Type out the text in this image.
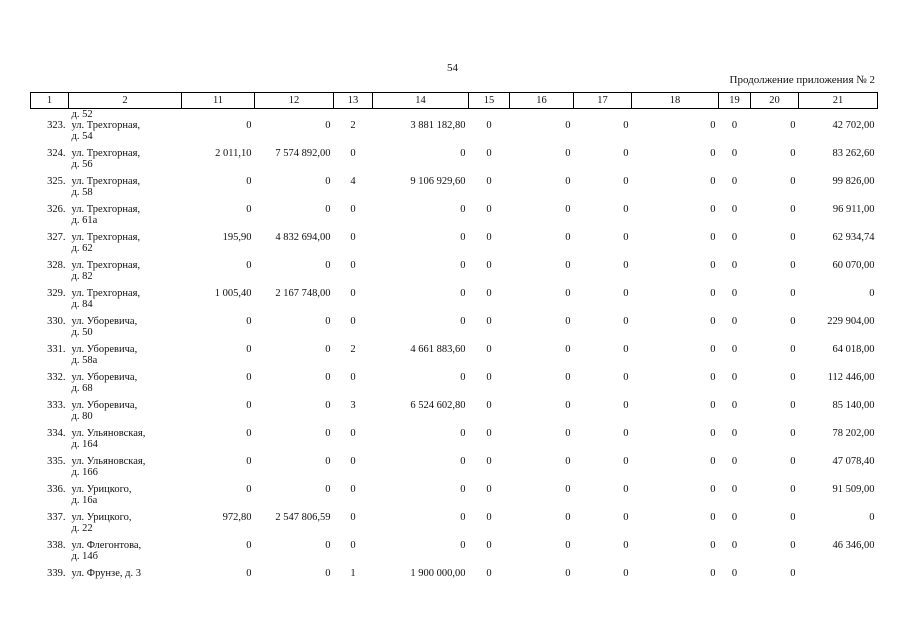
54
Продолжение приложения № 2
1	2	11	12	13	14	15	16	17	18	19	20	21
	д. 52											
323.	ул. Трехгорная,
д. 54	0	0	2	3 881 182,80	0	0	0	0	0	0	42 702,00
324.	ул. Трехгорная,
д. 56	2 011,10	7 574 892,00	0	0	0	0	0	0	0	0	83 262,60
325.	ул. Трехгорная,
д. 58	0	0	4	9 106 929,60	0	0	0	0	0	0	99 826,00
326.	ул. Трехгорная,
д. 61а	0	0	0	0	0	0	0	0	0	0	96 911,00
327.	ул. Трехгорная,
д. 62	195,90	4 832 694,00	0	0	0	0	0	0	0	0	62 934,74
328.	ул. Трехгорная,
д. 82	0	0	0	0	0	0	0	0	0	0	60 070,00
329.	ул. Трехгорная,
д. 84	1 005,40	2 167 748,00	0	0	0	0	0	0	0	0	0
330.	ул. Уборевича,
д. 50	0	0	0	0	0	0	0	0	0	0	229 904,00
331.	ул. Уборевича,
д. 58а	0	0	2	4 661 883,60	0	0	0	0	0	0	64 018,00
332.	ул. Уборевича,
д. 68	0	0	0	0	0	0	0	0	0	0	112 446,00
333.	ул. Уборевича,
д. 80	0	0	3	6 524 602,80	0	0	0	0	0	0	85 140,00
334.	ул. Ульяновская,
д. 164	0	0	0	0	0	0	0	0	0	0	78 202,00
335.	ул. Ульяновская,
д. 166	0	0	0	0	0	0	0	0	0	0	47 078,40
336.	ул. Урицкого,
д. 16а	0	0	0	0	0	0	0	0	0	0	91 509,00
337.	ул. Урицкого,
д. 22	972,80	2 547 806,59	0	0	0	0	0	0	0	0	0
338.	ул. Флегонтова,
д. 14б	0	0	0	0	0	0	0	0	0	0	46 346,00
339.	ул. Фрунзе, д. 3	0	0	1	1 900 000,00	0	0	0	0	0	0	
